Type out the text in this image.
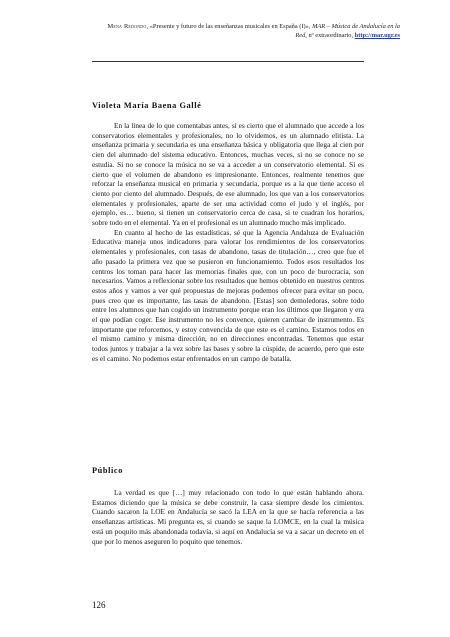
Mena Redondo, «Presente y futuro de las enseñanzas musicales en España (I)», MAR – Música de Andalucía en la Red, nº extraordinario, http://mar.ugr.es
Violeta María Baena Gallé

En la línea de lo que comentabas antes, sí es cierto que el alumnado que accede a los conservatorios elementales y profesionales, no lo olvidemos, es un alumnado elitista. La enseñanza primaria y secundaria es una enseñanza básica y obligatoria que llega al cien por cien del alumnado del sistema educativo. Entonces, muchas veces, si no se conoce no se estudia. Si no se conoce la música no se va a acceder a un conservatorio elemental. Sí es cierto que el volumen de abandono es impresionante. Entonces, realmente tenemos que reforzar la enseñanza musical en primaria y secundaria, porque es a la que tiene acceso el ciento por ciento del alumnado. Después, de ese alumnado, los que van a los conservatorios elementales y profesionales, aparte de ser una actividad como el judo y el inglés, por ejemplo, es… bueno, si tienen un conservatorio cerca de casa, si te cuadran los horarios, sobre todo en el elemental. Ya en el profesional es un alumnado mucho más implicado.

En cuanto al hecho de las estadísticas, sé que la Agencia Andaluza de Evaluación Educativa maneja unos indicadores para valorar los rendimientos de los conservatorios elementales y profesionales, con tasas de abandono, tasas de titulación…, creo que fue el año pasado la primera vez que se pusieron en funcionamiento. Todos esos resultados los centros los toman para hacer las memorias finales que, con un poco de burocracia, son necesarios. Vamos a reflexionar sobre los resultados que hemos obtenido en nuestros centros estos años y vamos a ver qué propuestas de mejoras podemos ofrecer para evitar un poco, pues creo que es importante, las tasas de abandono. [Estas] son demoledoras, sobre todo entre los alumnos que han cogido un instrumento porque eran los últimos que llegaron y era el que podían coger. Ese instrumento no les convence, quieren cambiar de instrumento. Es importante que reforcemos, y estoy convencida de que este es el camino. Estamos todos en el mismo camino y misma dirección, no en direcciones encontradas. Tenemos que estar todos juntos y trabajar a la vez sobre las bases y sobre la cúspide, de acuerdo, pero que este es el camino. No podemos estar enfrentados en un campo de batalla.

Público

La verdad es que […] muy relacionado con todo lo que están hablando ahora. Estamos diciendo que la música se debe construir, la casa siempre desde los cimientos. Cuando sacaron la LOE en Andalucía se sacó la LEA en la que se hacía referencia a las enseñanzas artísticas. Mi pregunta es, si cuando se saque la LOMCE, en la cual la música está un poquito más abandonada todavía, si aquí en Andalucía se va a sacar un decreto en el que por lo menos aseguren lo poquito que tenemos.

126
